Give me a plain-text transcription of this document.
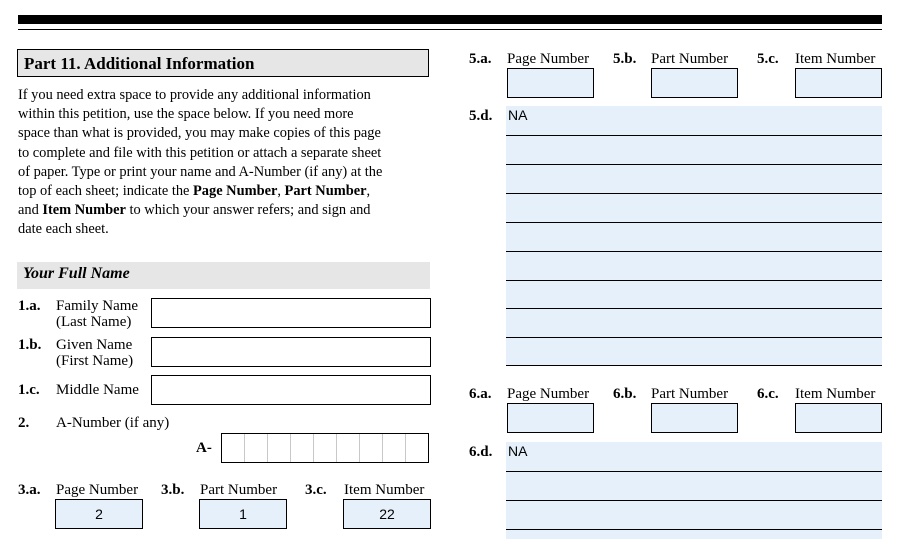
Part 11. Additional Information
If you need extra space to provide any additional information
within this petition, use the space below. If you need more
space than what is provided, you may make copies of this page
to complete and file with this petition or attach a separate sheet
of paper. Type or print your name and A-Number (if any) at the
top of each sheet; indicate the Page Number, Part Number,
and Item Number to which your answer refers; and sign and
date each sheet.
Your Full Name
1.a. Family Name
(Last Name)
1.b. Given Name
(First Name)
1.c. Middle Name
2. A-Number (if any)
A-
3.a. Page Number
2
3.b. Part Number
1
3.c. Item Number
22
5.a. Page Number 5.b. Part Number 5.c. Item Number
5.d. NA
6.a. Page Number 6.b. Part Number 6.c. Item Number
6.d. NA
